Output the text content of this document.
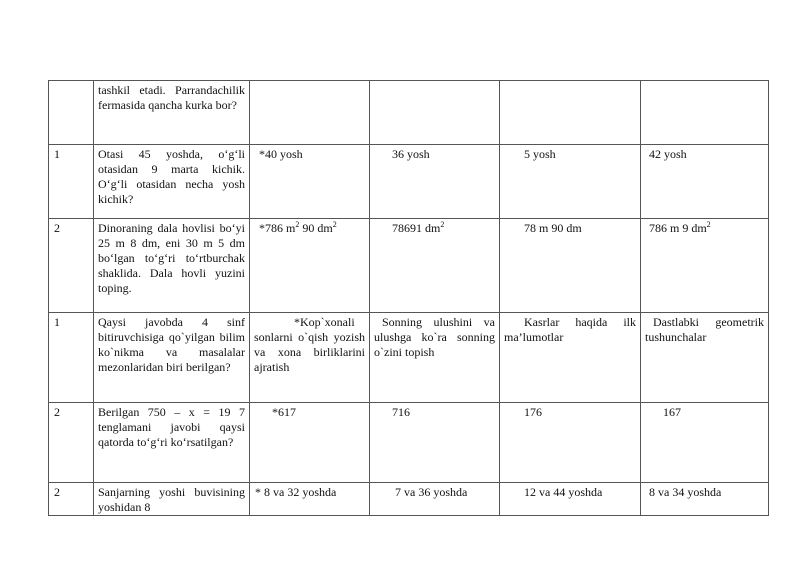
	tashkil etadi. Parrandachilik fermasida qancha kurka bor?				
1	Otasi 45 yoshda, o‘g‘li otasidan 9 marta kichik. O‘g‘li otasidan necha yosh kichik?	*40 yosh	36 yosh	5 yosh	42 yosh
2	Dinoraning dala hovlisi bo‘yi 25 m 8 dm, eni 30 m 5 dm bo‘lgan to‘g‘ri to‘rtburchak shaklida. Dala hovli yuzini toping.	*786 $m^2$ 90 $dm^2$	78691 $dm^2$	78 m 90 dm	786 m 9 $dm^2$
1	Qaysi javobda 4 sinf bitiruvchisiga qo`yilgan bilim ko`nikma va masalalar mezonlaridan biri berilgan?	*Kop`xonali sonlarni o`qish yozish va xona birliklarini ajratish	Sonning ulushini va ulushga ko`ra sonning o`zini topish	Kasrlar haqida ilk ma’lumotlar	Dastlabki geometrik tushunchalar
2	Berilgan 750 – x = 19 7 tenglamani javobi qaysi qatorda to‘g‘ri ko‘rsatilgan?	*617	716	176	167
2	Sanjarning yoshi buvisining yoshidan 8	* 8 va 32 yoshda	7 va 36 yoshda	12 va 44 yoshda	8 va 34 yoshda
